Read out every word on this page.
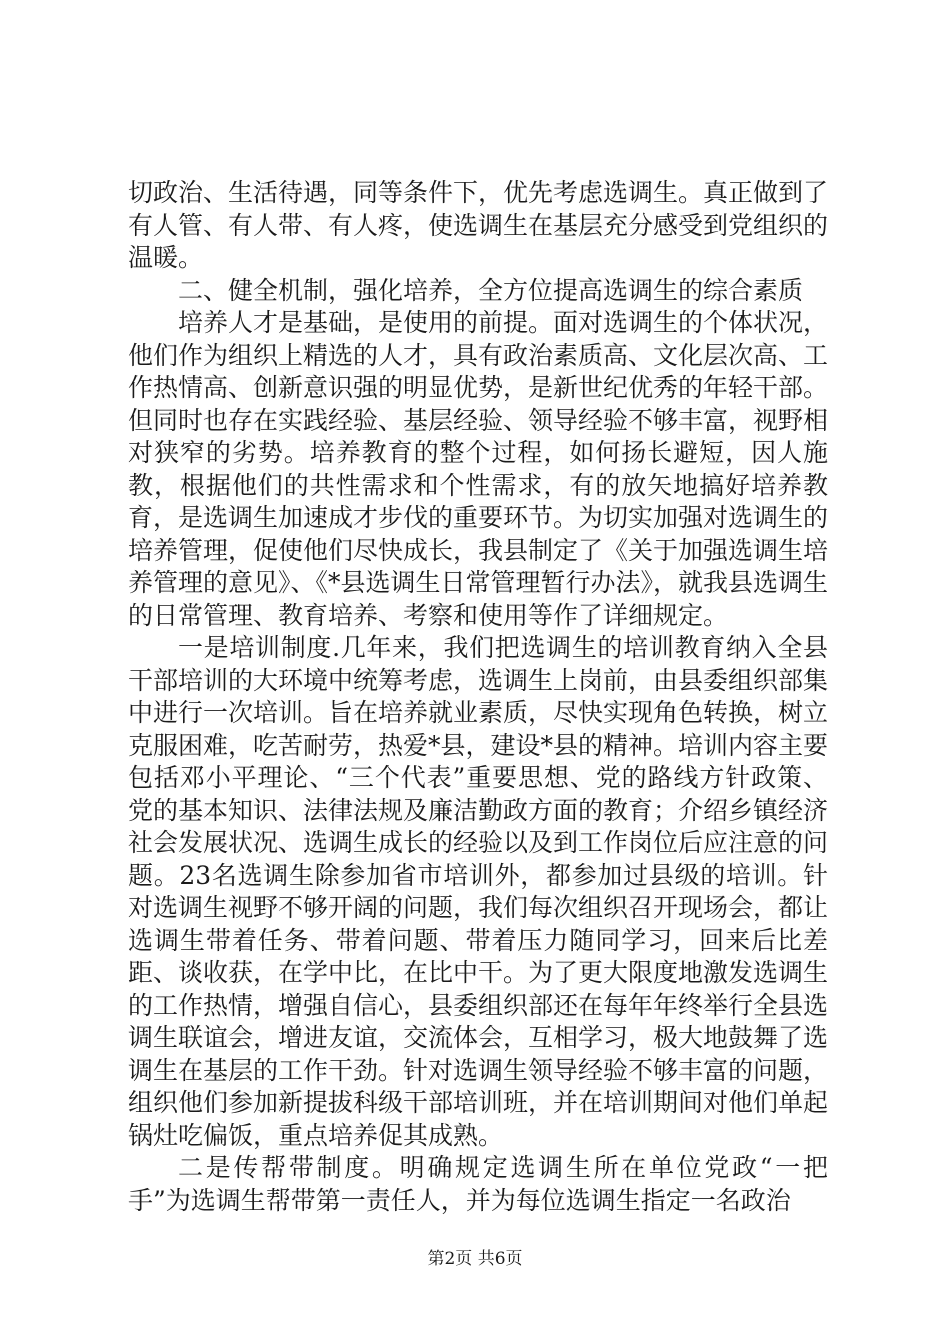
切政治、生活待遇，同等条件下，优先考虑选调生。真正做到了有人管、有人带、有人疼，使选调生在基层充分感受到党组织的温暖。

二、健全机制，强化培养，全方位提高选调生的综合素质

培养人才是基础，是使用的前提。面对选调生的个体状况，他们作为组织上精选的人才，具有政治素质高、文化层次高、工作热情高、创新意识强的明显优势，是新世纪优秀的年轻干部。但同时也存在实践经验、基层经验、领导经验不够丰富，视野相对狭窄的劣势。培养教育的整个过程，如何扬长避短，因人施教，根据他们的共性需求和个性需求，有的放矢地搞好培养教育，是选调生加速成才步伐的重要环节。为切实加强对选调生的培养管理，促使他们尽快成长，我县制定了《关于加强选调生培养管理的意见》、《*县选调生日常管理暂行办法》，就我县选调生的日常管理、教育培养、考察和使用等作了详细规定。

一是培训制度.几年来，我们把选调生的培训教育纳入全县干部培训的大环境中统筹考虑，选调生上岗前，由县委组织部集中进行一次培训。旨在培养就业素质，尽快实现角色转换，树立克服困难，吃苦耐劳，热爱*县，建设*县的精神。培训内容主要包括邓小平理论、“三个代表”重要思想、党的路线方针政策、党的基本知识、法律法规及廉洁勤政方面的教育；介绍乡镇经济社会发展状况、选调生成长的经验以及到工作岗位后应注意的问题。23名选调生除参加省市培训外，都参加过县级的培训。针对选调生视野不够开阔的问题，我们每次组织召开现场会，都让选调生带着任务、带着问题、带着压力随同学习，回来后比差距、谈收获，在学中比，在比中干。为了更大限度地激发选调生的工作热情，增强自信心，县委组织部还在每年年终举行全县选调生联谊会，增进友谊，交流体会，互相学习，极大地鼓舞了选调生在基层的工作干劲。针对选调生领导经验不够丰富的问题，组织他们参加新提拔科级干部培训班，并在培训期间对他们单起锅灶吃偏饭，重点培养促其成熟。

二是传帮带制度。明确规定选调生所在单位党政“一把手”为选调生帮带第一责任人，并为每位选调生指定一名政治

第2页 共6页
